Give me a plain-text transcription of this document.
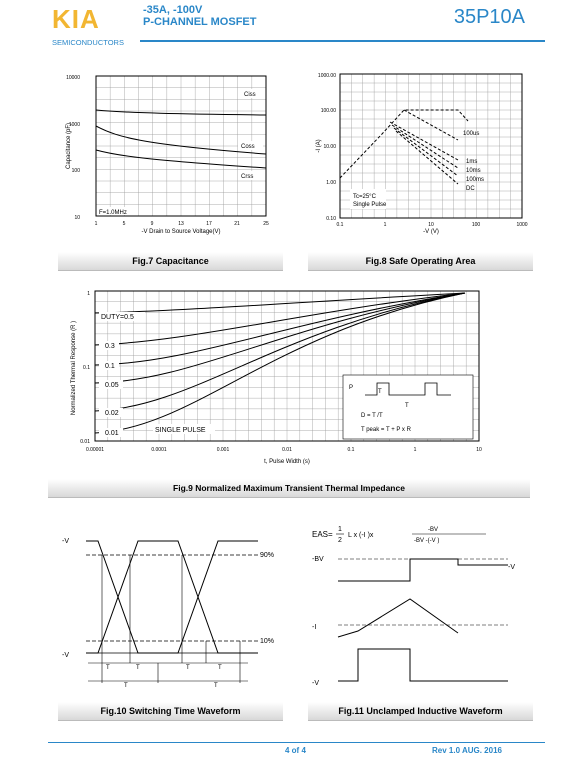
KIA
SEMICONDUCTORS
-35A, -100V
P-CHANNEL MOSFET	35P10A
10000
1000
100
10
1	5	9	13	17	21	25
-V Drain to Source Voltage(V)
Capacitance (pF)
Ciss
Coss
Crss
F=1.0MHz
Fig.7 Capacitance
1000.00
100.00
10.00
1.00
0.10
0.1	1	10	100	1000
-V (V)
-I (A)
100us
1ms
10ms
100ms
DC
Tc=25°C
Single Pulse
Fig.8 Safe Operating Area
1
0.1
0.01
0.00001	0.0001	0.001	0.01	0.1	1	10
t, Pulse Width (s)
Normalized Thermal Response (R )
DUTY=0.5
0.3
0.1
0.05
0.02
0.01	SINGLE PULSE
P
T
T
D = T /T
T peak = T + P x R
Fig.9 Normalized Maximum Transient Thermal Impedance
-V
-V
90%
10%
T	T	T	T
T	T
Fig.10 Switching Time Waveform
EAS=
1
2
L x (-I )x
-BV
-BV -(-V )
-BV
-V
-I
-V
Fig.11 Unclamped Inductive Waveform
4 of 4	Rev 1.0 AUG. 2016
